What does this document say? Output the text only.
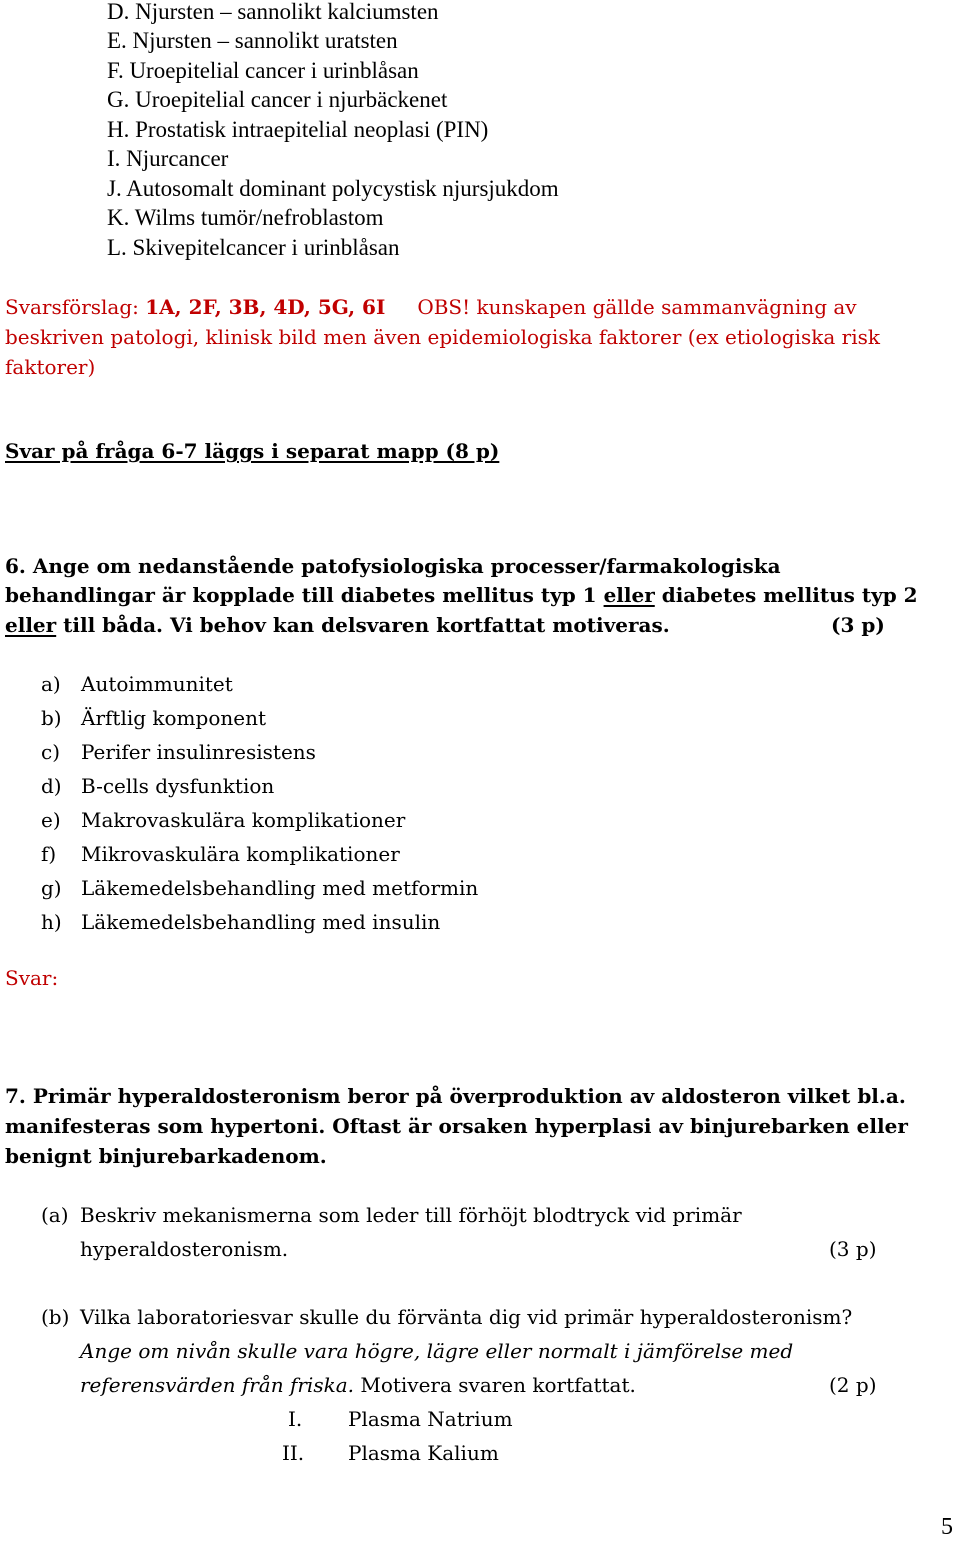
D. Njursten – sannolikt kalciumsten
E. Njursten – sannolikt uratsten
F. Uroepitelial cancer i urinblåsan
G. Uroepitelial cancer i njurbäckenet
H. Prostatisk intraepitelial neoplasi (PIN)
I. Njurcancer
J. Autosomalt dominant polycystisk njursjukdom
K. Wilms tumör/nefroblastom
L. Skivepitelcancer i urinblåsan
Svarsförslag: 1A, 2F, 3B, 4D, 5G, 6I OBS! kunskapen gällde sammanvägning av
beskriven patologi, klinisk bild men även epidemiologiska faktorer (ex etiologiska risk
faktorer)
Svar på fråga 6-7 läggs i separat mapp (8 p)
6. Ange om nedanstående patofysiologiska processer/farmakologiska
behandlingar är kopplade till diabetes mellitus typ 1 eller diabetes mellitus typ 2
eller till båda. Vi behov kan delsvaren kortfattat motiveras.	(3 p)
a) Autoimmunitet
b) Ärftlig komponent
c) Perifer insulinresistens
d) B-cells dysfunktion
e) Makrovaskulära komplikationer
f) Mikrovaskulära komplikationer
g) Läkemedelsbehandling med metformin
h) Läkemedelsbehandling med insulin
Svar:
7. Primär hyperaldosteronism beror på överproduktion av aldosteron vilket bl.a.
manifesteras som hypertoni. Oftast är orsaken hyperplasi av binjurebarken eller
benignt binjurebarkadenom.
(a) Beskriv mekanismerna som leder till förhöjt blodtryck vid primär
hyperaldosteronism.	(3 p)
(b) Vilka laboratoriesvar skulle du förvänta dig vid primär hyperaldosteronism?
Ange om nivån skulle vara högre, lägre eller normalt i jämförelse med
referensvärden från friska. Motivera svaren kortfattat.	(2 p)
I. Plasma Natrium
II. Plasma Kalium
5
